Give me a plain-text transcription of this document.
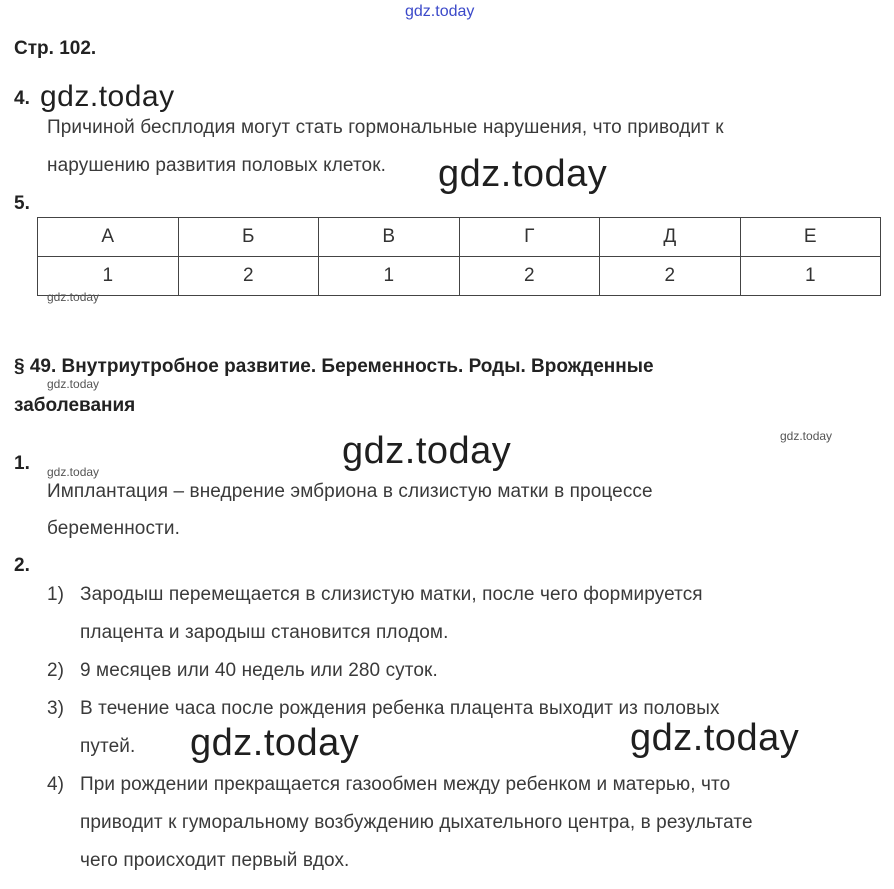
gdz.today
Стр. 102.
4. gdz.today
Причиной бесплодия могут стать гормональные нарушения, что приводит к
нарушению развития половых клеток. gdz.today
5.
А	Б	В	Г	Д	Е
1	2	1	2	2	1
gdz.today
§ 49. Внутриутробное развитие. Беременность. Роды. Врожденные
gdz.today
заболевания
gdz.today
gdz.today
1. gdz.today
Имплантация – внедрение эмбриона в слизистую матки в процессе
беременности.
2.
1) Зародыш перемещается в слизистую матки, после чего формируется
плацента и зародыш становится плодом.
2) 9 месяцев или 40 недель или 280 суток.
3) В течение часа после рождения ребенка плацента выходит из половых
путей. gdz.today	gdz.today
4) При рождении прекращается газообмен между ребенком и матерью, что
приводит к гуморальному возбуждению дыхательного центра, в результате
чего происходит первый вдох.
